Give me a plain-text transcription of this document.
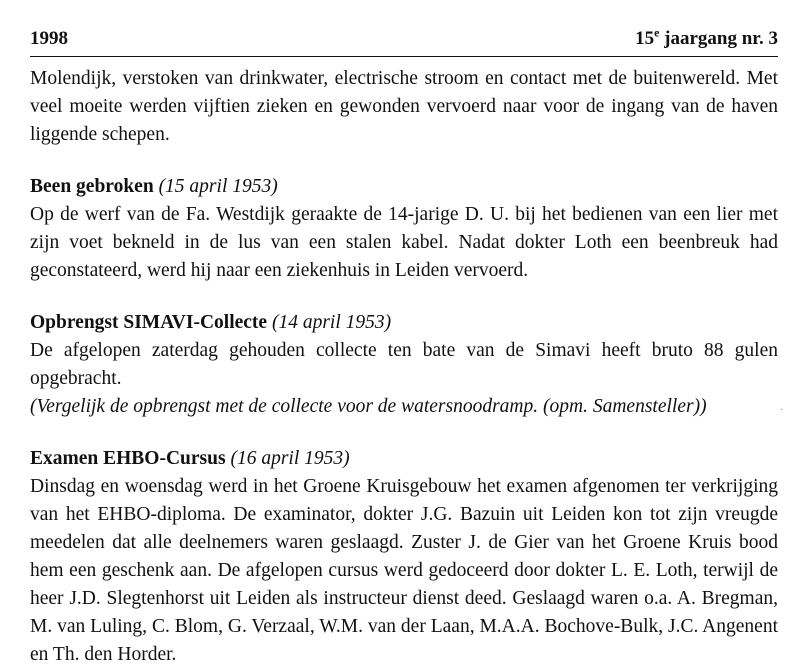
1998	15e jaargang nr. 3

Molendijk, verstoken van drinkwater, electrische stroom en contact met de buitenwereld. Met veel moeite werden vijftien zieken en gewonden vervoerd naar voor de ingang van de haven liggende schepen.

Been gebroken (15 april 1953)

Op de werf van de Fa. Westdijk geraakte de 14-jarige D. U. bij het bedienen van een lier met zijn voet bekneld in de lus van een stalen kabel. Nadat dokter Loth een beenbreuk had geconstateerd, werd hij naar een ziekenhuis in Leiden vervoerd.

Opbrengst SIMAVI-Collecte (14 april 1953)

De afgelopen zaterdag gehouden collecte ten bate van de Simavi heeft bruto 88 gulen opgebracht.

(Vergelijk de opbrengst met de collecte voor de watersnoodramp. (opm. Samensteller))

Examen EHBO-Cursus (16 april 1953)

Dinsdag en woensdag werd in het Groene Kruisgebouw het examen afgenomen ter verkrijging van het EHBO-diploma. De examinator, dokter J.G. Bazuin uit Leiden kon tot zijn vreugde meedelen dat alle deelnemers waren geslaagd. Zuster J. de Gier van het Groene Kruis bood hem een geschenk aan. De afgelopen cursus werd gedoceerd door dokter L. E. Loth, terwijl de heer J.D. Slegtenhorst uit Leiden als instructeur dienst deed. Geslaagd waren o.a. A. Bregman, M. van Luling, C. Blom, G. Verzaal, W.M. van der Laan, M.A.A. Bochove-Bulk, J.C. Angenent en Th. den Horder.

·
